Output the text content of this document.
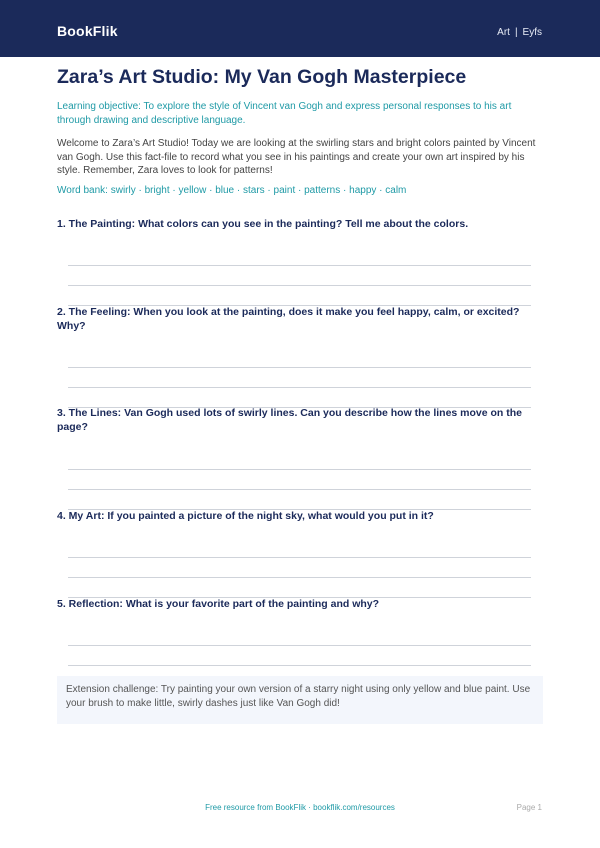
BookFlik	Art | Eyfs
Zara’s Art Studio: My Van Gogh Masterpiece

Learning objective: To explore the style of Vincent van Gogh and express personal responses to his art through drawing and descriptive language.

Welcome to Zara’s Art Studio! Today we are looking at the swirling stars and bright colors painted by Vincent van Gogh. Use this fact-file to record what you see in his paintings and create your own art inspired by his style. Remember, Zara loves to look for patterns!

Word bank: swirly · bright · yellow · blue · stars · paint · patterns · happy · calm

1. The Painting: What colors can you see in the painting? Tell me about the colors.
2. The Feeling: When you look at the painting, does it make you feel happy, calm, or excited? Why?
3. The Lines: Van Gogh used lots of swirly lines. Can you describe how the lines move on the page?
4. My Art: If you painted a picture of the night sky, what would you put in it?
5. Reflection: What is your favorite part of the painting and why?
Extension challenge: Try painting your own version of a starry night using only yellow and blue paint. Use your brush to make little, swirly dashes just like Van Gogh did!
Free resource from BookFlik · bookflik.com/resources	Page 1
